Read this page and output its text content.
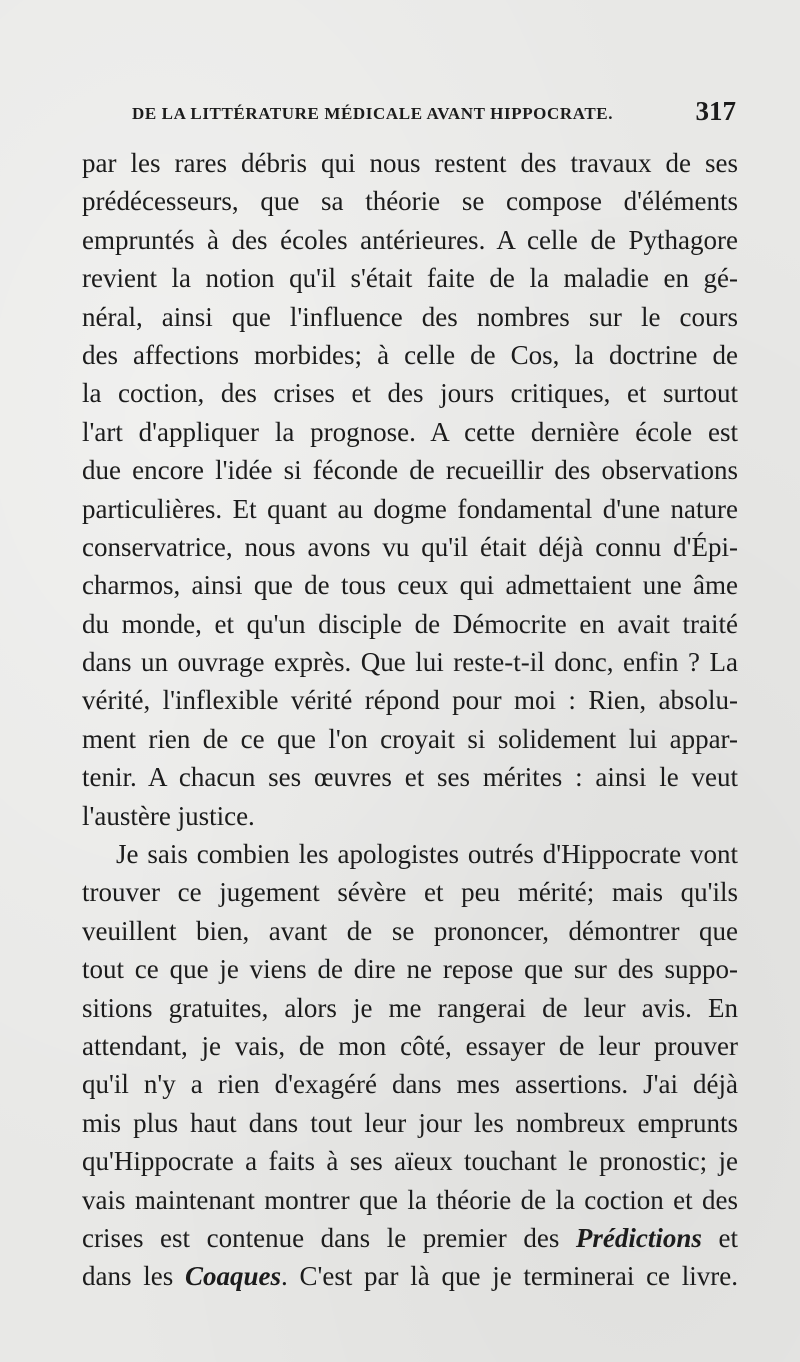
DE LA LITTÉRATURE MÉDICALE AVANT HIPPOCRATE.	317
par les rares débris qui nous restent des travaux de ses
prédécesseurs, que sa théorie se compose d'éléments
empruntés à des écoles antérieures. A celle de Pythagore
revient la notion qu'il s'était faite de la maladie en gé-
néral, ainsi que l'influence des nombres sur le cours
des affections morbides; à celle de Cos, la doctrine de
la coction, des crises et des jours critiques, et surtout
l'art d'appliquer la prognose. A cette dernière école est
due encore l'idée si féconde de recueillir des observations
particulières. Et quant au dogme fondamental d'une nature
conservatrice, nous avons vu qu'il était déjà connu d'Épi-
charmos, ainsi que de tous ceux qui admettaient une âme
du monde, et qu'un disciple de Démocrite en avait traité
dans un ouvrage exprès. Que lui reste-t-il donc, enfin ? La
vérité, l'inflexible vérité répond pour moi : Rien, absolu-
ment rien de ce que l'on croyait si solidement lui appar-
tenir. A chacun ses œuvres et ses mérites : ainsi le veut
l'austère justice.
Je sais combien les apologistes outrés d'Hippocrate vont
trouver ce jugement sévère et peu mérité; mais qu'ils
veuillent bien, avant de se prononcer, démontrer que
tout ce que je viens de dire ne repose que sur des suppo-
sitions gratuites, alors je me rangerai de leur avis. En
attendant, je vais, de mon côté, essayer de leur prouver
qu'il n'y a rien d'exagéré dans mes assertions. J'ai déjà
mis plus haut dans tout leur jour les nombreux emprunts
qu'Hippocrate a faits à ses aïeux touchant le pronostic; je
vais maintenant montrer que la théorie de la coction et des
crises est contenue dans le premier des Prédictions et
dans les Coaques. C'est par là que je terminerai ce livre.
